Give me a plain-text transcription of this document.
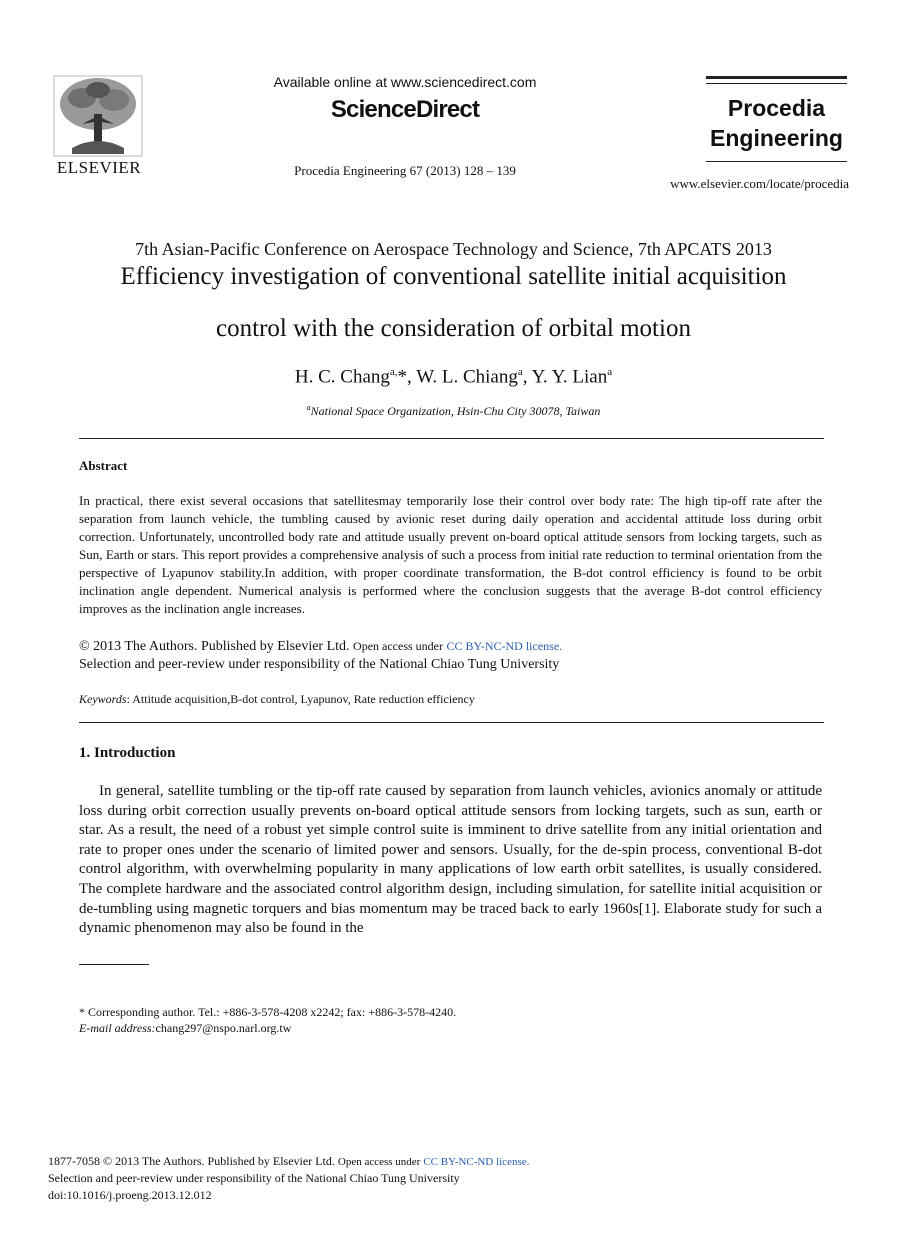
ELSEVIER
Available online at www.sciencedirect.com
ScienceDirect
Procedia Engineering 67 (2013) 128 – 139
Procedia
Engineering
www.elsevier.com/locate/procedia
7th Asian-Pacific Conference on Aerospace Technology and Science, 7th APCATS 2013
Efficiency investigation of conventional satellite initial acquisition
control with the consideration of orbital motion
H. C. Chang$^{a,}$*, W. L. Chiang$^a$, Y. Y. Lian$^a$
$^a$National Space Organization, Hsin-Chu City 30078, Taiwan
Abstract
In practical, there exist several occasions that satellitesmay temporarily lose their control over body rate: The high tip-off rate after the separation from launch vehicle, the tumbling caused by avionic reset during daily operation and accidental attitude loss during orbit correction. Unfortunately, uncontrolled body rate and attitude usually prevent on-board optical attitude sensors from locking targets, such as Sun, Earth or stars. This report provides a comprehensive analysis of such a process from initial rate reduction to terminal orientation from the perspective of Lyapunov stability.In addition, with proper coordinate transformation, the B-dot control efficiency is found to be orbit inclination angle dependent. Numerical analysis is performed where the conclusion suggests that the average B-dot control efficiency improves as the inclination angle increases.
© 2013 The Authors. Published by Elsevier Ltd. Open access under CC BY-NC-ND license.
Selection and peer-review under responsibility of the National Chiao Tung University
Keywords: Attitude acquisition,B-dot control, Lyapunov, Rate reduction efficiency
1. Introduction
In general, satellite tumbling or the tip-off rate caused by separation from launch vehicles, avionics anomaly or attitude loss during orbit correction usually prevents on-board optical attitude sensors from locking targets, such as sun, earth or star. As a result, the need of a robust yet simple control suite is imminent to drive satellite from any initial orientation and rate to proper ones under the scenario of limited power and sensors. Usually, for the de-spin process, conventional B-dot control algorithm, with overwhelming popularity in many applications of low earth orbit satellites, is usually considered. The complete hardware and the associated control algorithm design, including simulation, for satellite initial acquisition or de-tumbling using magnetic torquers and bias momentum may be traced back to early 1960s[1]. Elaborate study for such a dynamic phenomenon may also be found in the
* Corresponding author. Tel.: +886-3-578-4208 x2242; fax: +886-3-578-4240.
E-mail address:chang297@nspo.narl.org.tw
1877-7058 © 2013 The Authors. Published by Elsevier Ltd. Open access under CC BY-NC-ND license.
Selection and peer-review under responsibility of the National Chiao Tung University
doi:10.1016/j.proeng.2013.12.012
